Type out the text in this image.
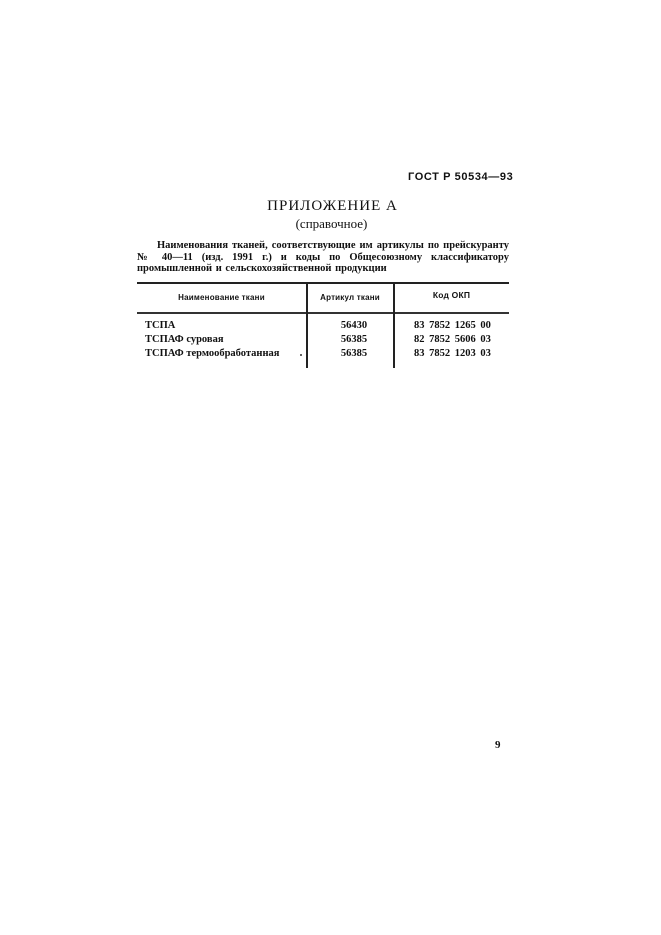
ГОСТ Р 50534—93
ПРИЛОЖЕНИЕ А
(справочное)
Наименования тканей, соответствующие им артикулы по прейскуранту № 40—11 (изд. 1991 г.) и коды по Общесоюзному классификатору промышленной и сельскохозяйственной продукции
Наименование ткани	Артикул ткани	Код ОКП
ТСПА	56430	83 7852 1265 00
ТСПАФ суровая	56385	82 7852 5606 03
ТСПАФ термообработанная	56385	83 7852 1203 03
9
